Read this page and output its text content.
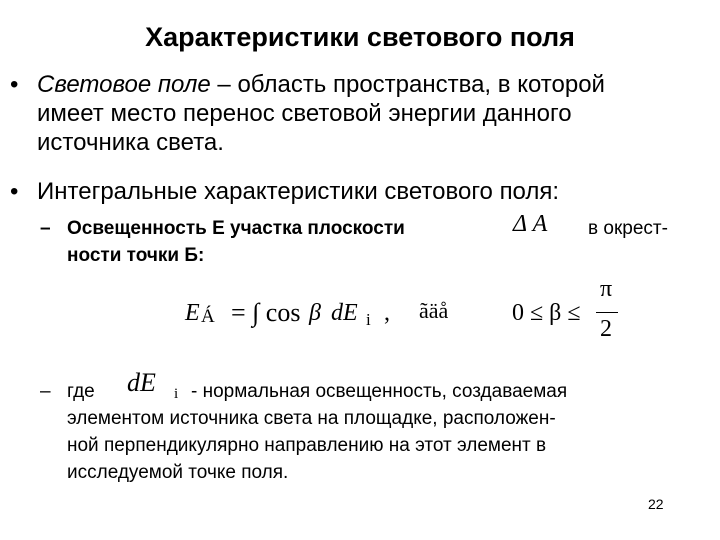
Характеристики светового поля
• Световое поле – область пространства, в которой
имеет место перенос световой энергии данного
источника света.
• Интегральные характеристики светового поля:
– Освещенность E участка плоскости	Δ A в окрест-
ности точки Б:
E Á = ∫ cos β dE i , ãäå	0 ≤ β ≤
π
2
– где	- нормальная освещенность, создаваемая
элементом источника света на площадке, расположен-
ной перпендикулярно направлению на этот элемент в
исследуемой точке поля.
dE i
22
